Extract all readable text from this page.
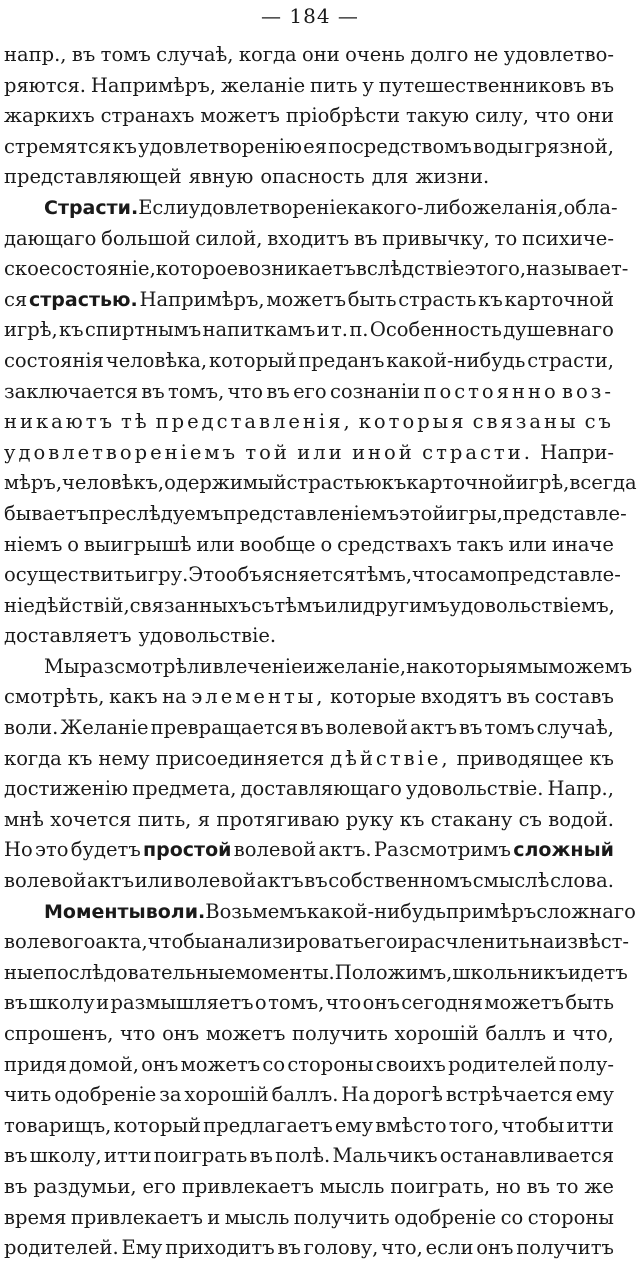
— 184 —
напр., въ томъ случаѣ, когда они очень долго не удовлетво-
ряются. Напримѣръ, желаніе пить у путешественниковъ въ
жаркихъ странахъ можетъ пріобрѣсти такую силу, что они
стремятся къ удовлетворенію ея посредствомъ воды грязной,
представляющей явную опасность для жизни.
Страсти. Если удовлетвореніе какого-либо желанія, обла-
дающаго большой силой, входитъ въ привычку, то психиче-
ское состояніе, которое возникаетъ вслѣдствіе этого, называет-
ся страстью. Напримѣръ, можетъ быть страсть къ карточной
игрѣ, къ спиртнымъ напиткамъ и т. п. Особенность душевнаго
состоянія человѣка, который преданъ какой-нибудь страсти,
заключается въ томъ, что въ его сознаніи постоянно воз-
никаютъ тѣ представленія, которыя связаны съ
удовлетвореніемъ той или иной страсти. Напри-
мѣръ, человѣкъ, одержимый страстью къ карточной игрѣ, всегда
бываетъ преслѣдуемъ представленіемъ этой игры, представле-
ніемъ о выигрышѣ или вообще о средствахъ такъ или иначе
осуществить игру. Это объясняется тѣмъ, что само представле-
ніе дѣйствій, связанныхъ съ тѣмъ или другимъ удовольствіемъ,
доставляетъ удовольствіе.
Мы разсмотрѣли влеченіе и желаніе, на которыя мы можемъ
смотрѣть, какъ на элементы, которые входятъ въ составъ
воли. Желаніе превращается въ волевой актъ въ томъ случаѣ,
когда къ нему присоединяется дѣйствіе, приводящее къ
достиженію предмета, доставляющаго удовольствіе. Напр.,
мнѣ хочется пить, я протягиваю руку къ стакану съ водой.
Но это будетъ простой волевой актъ. Разсмотримъ сложный
волевой актъ или волевой актъ въ собственномъ смыслѣ слова.
Моменты воли. Возьмемъ какой-нибудь примѣръ сложнаго
волевого акта, чтобы анализировать его и расчленить на извѣст-
ные послѣдовательные моменты. Положимъ, школьникъ идетъ
въ школу и размышляетъ о томъ, что онъ сегодня можетъ быть
спрошенъ, что онъ можетъ получить хорошій баллъ и что,
придя домой, онъ можетъ со стороны своихъ родителей полу-
чить одобреніе за хорошій баллъ. На дорогѣ встрѣчается ему
товарищъ, который предлагаетъ ему вмѣсто того, чтобы итти
въ школу, итти поиграть въ полѣ. Мальчикъ останавливается
въ раздумьи, его привлекаетъ мысль поиграть, но въ то же
время привлекаетъ и мысль получить одобреніе со стороны
родителей. Ему приходитъ въ голову, что, если онъ получитъ
